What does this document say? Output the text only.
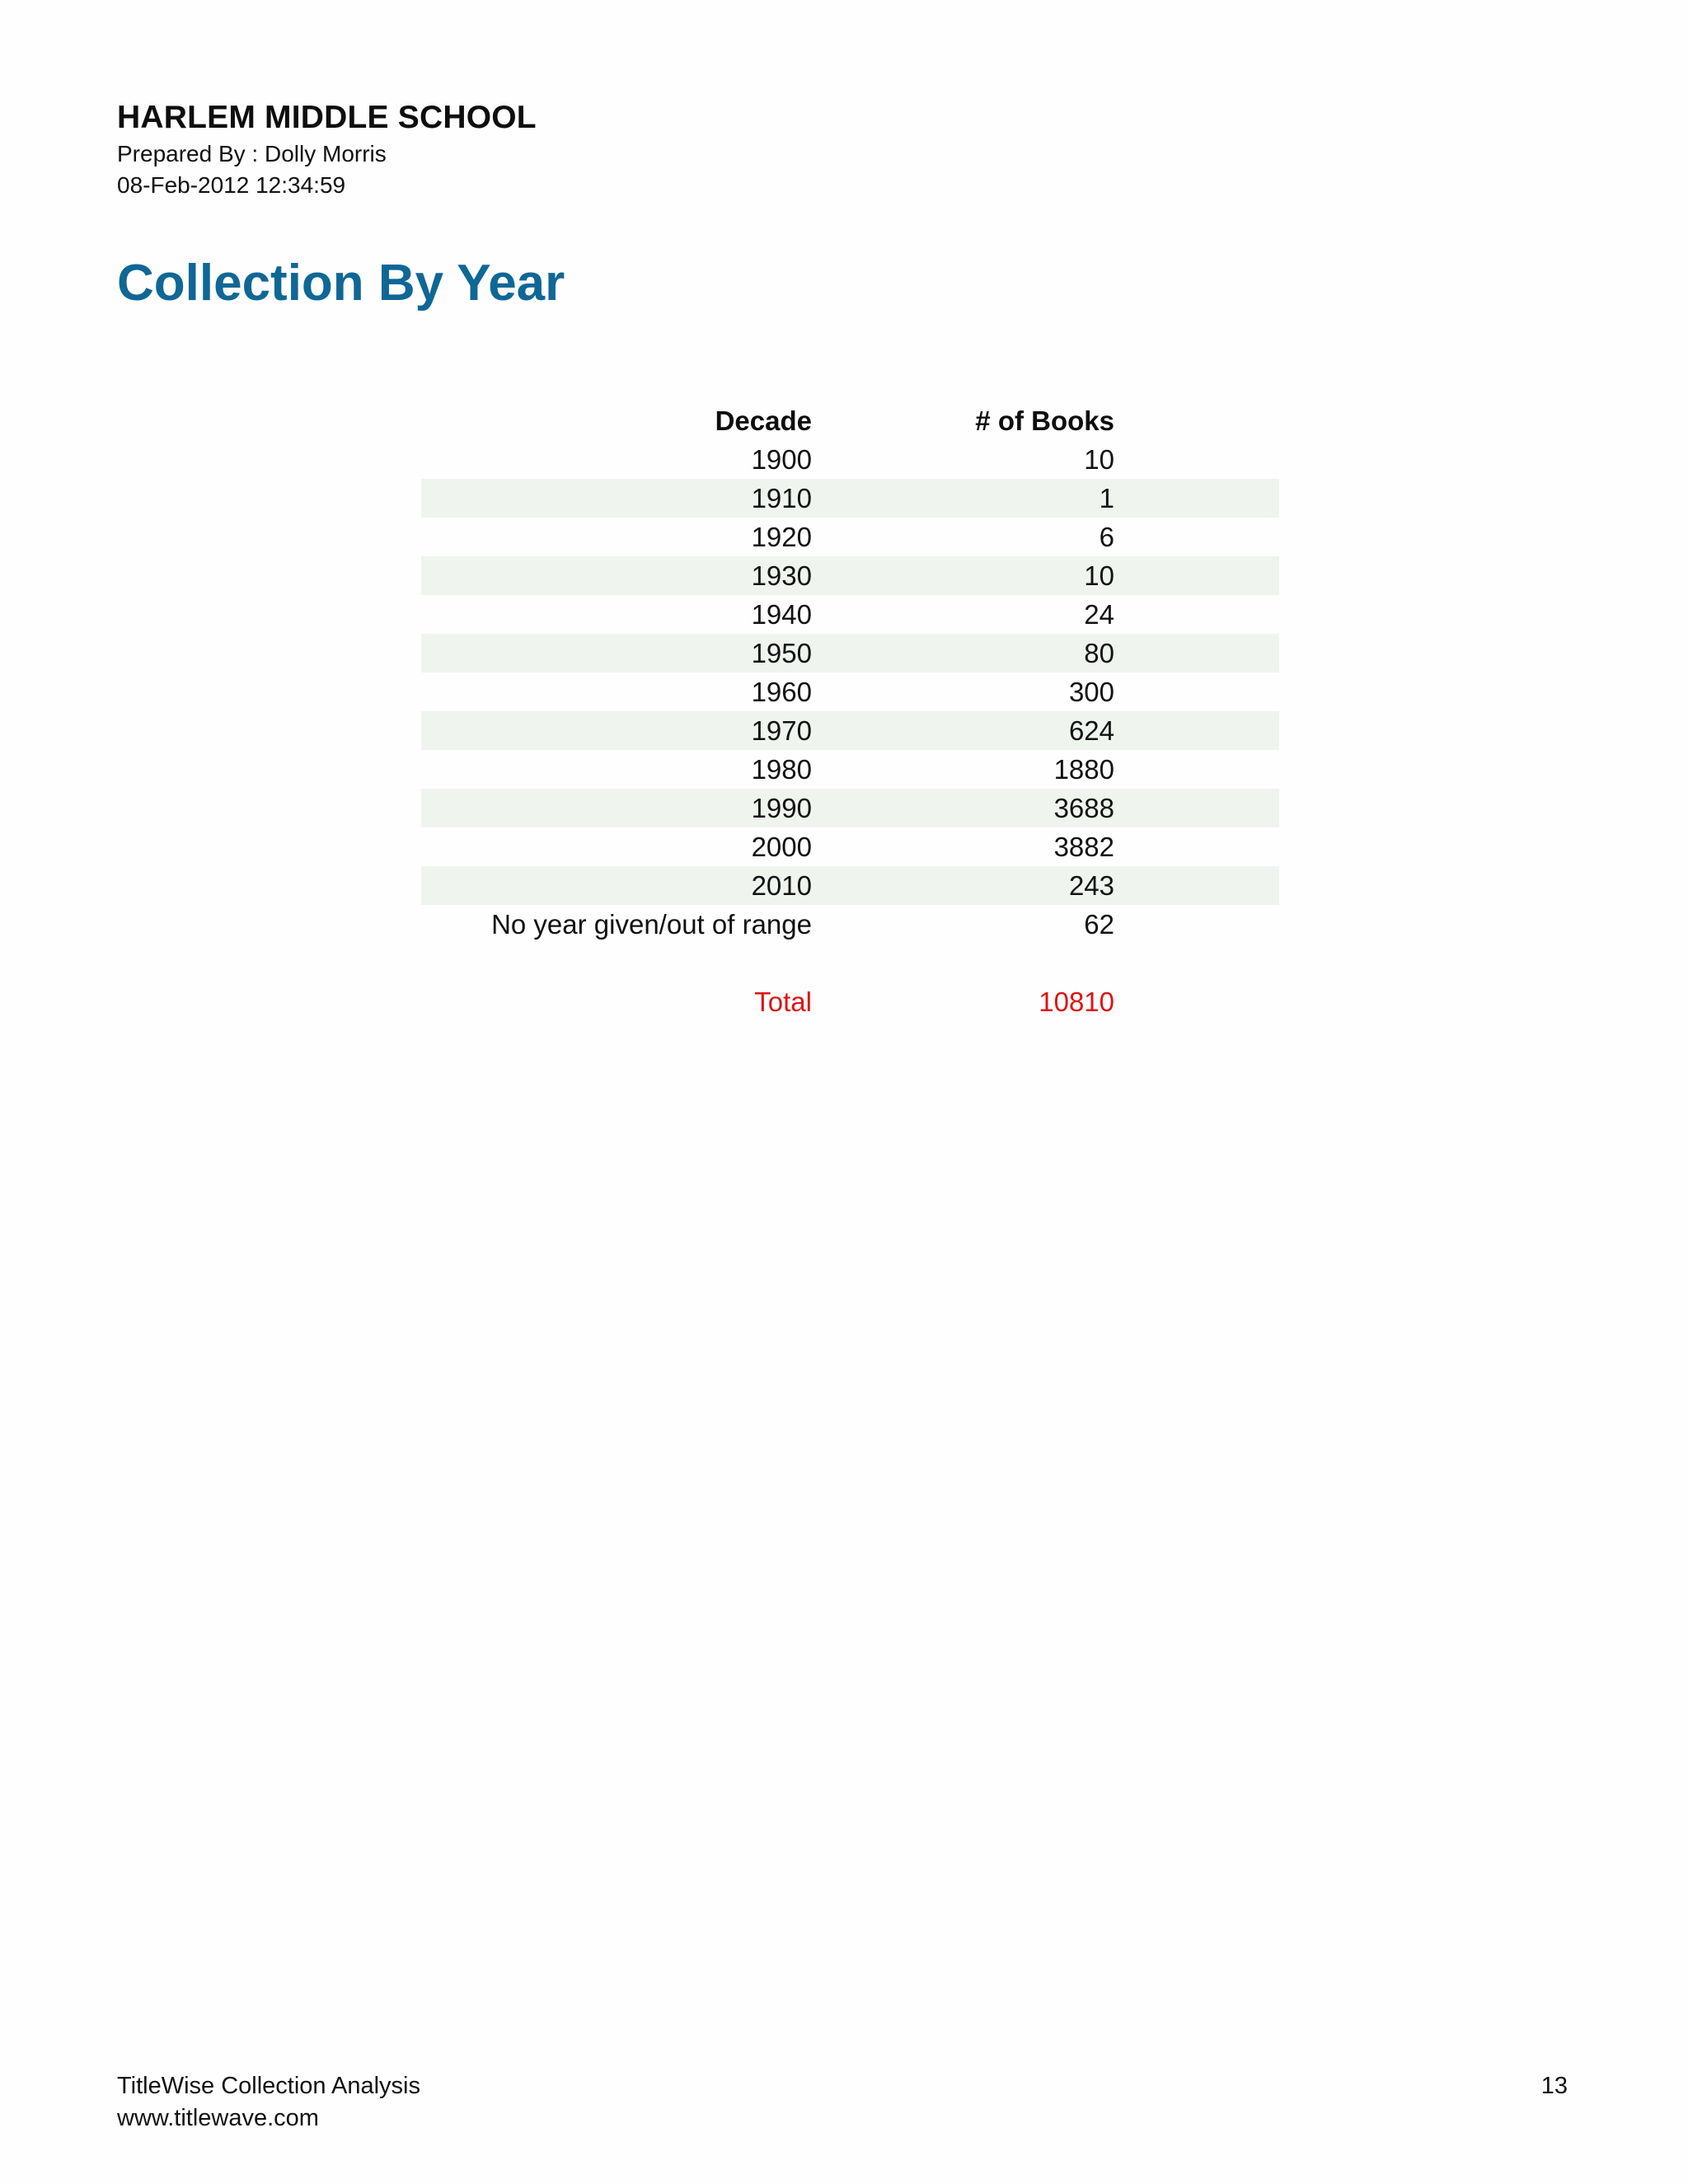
HARLEM MIDDLE SCHOOL
Prepared By : Dolly Morris
08-Feb-2012 12:34:59
Collection By Year
Decade	# of Books
1900	10
1910	1
1920	6
1930	10
1940	24
1950	80
1960	300
1970	624
1980	1880
1990	3688
2000	3882
2010	243
No year given/out of range	62
Total	10810
TitleWise Collection Analysis
www.titlewave.com
13
